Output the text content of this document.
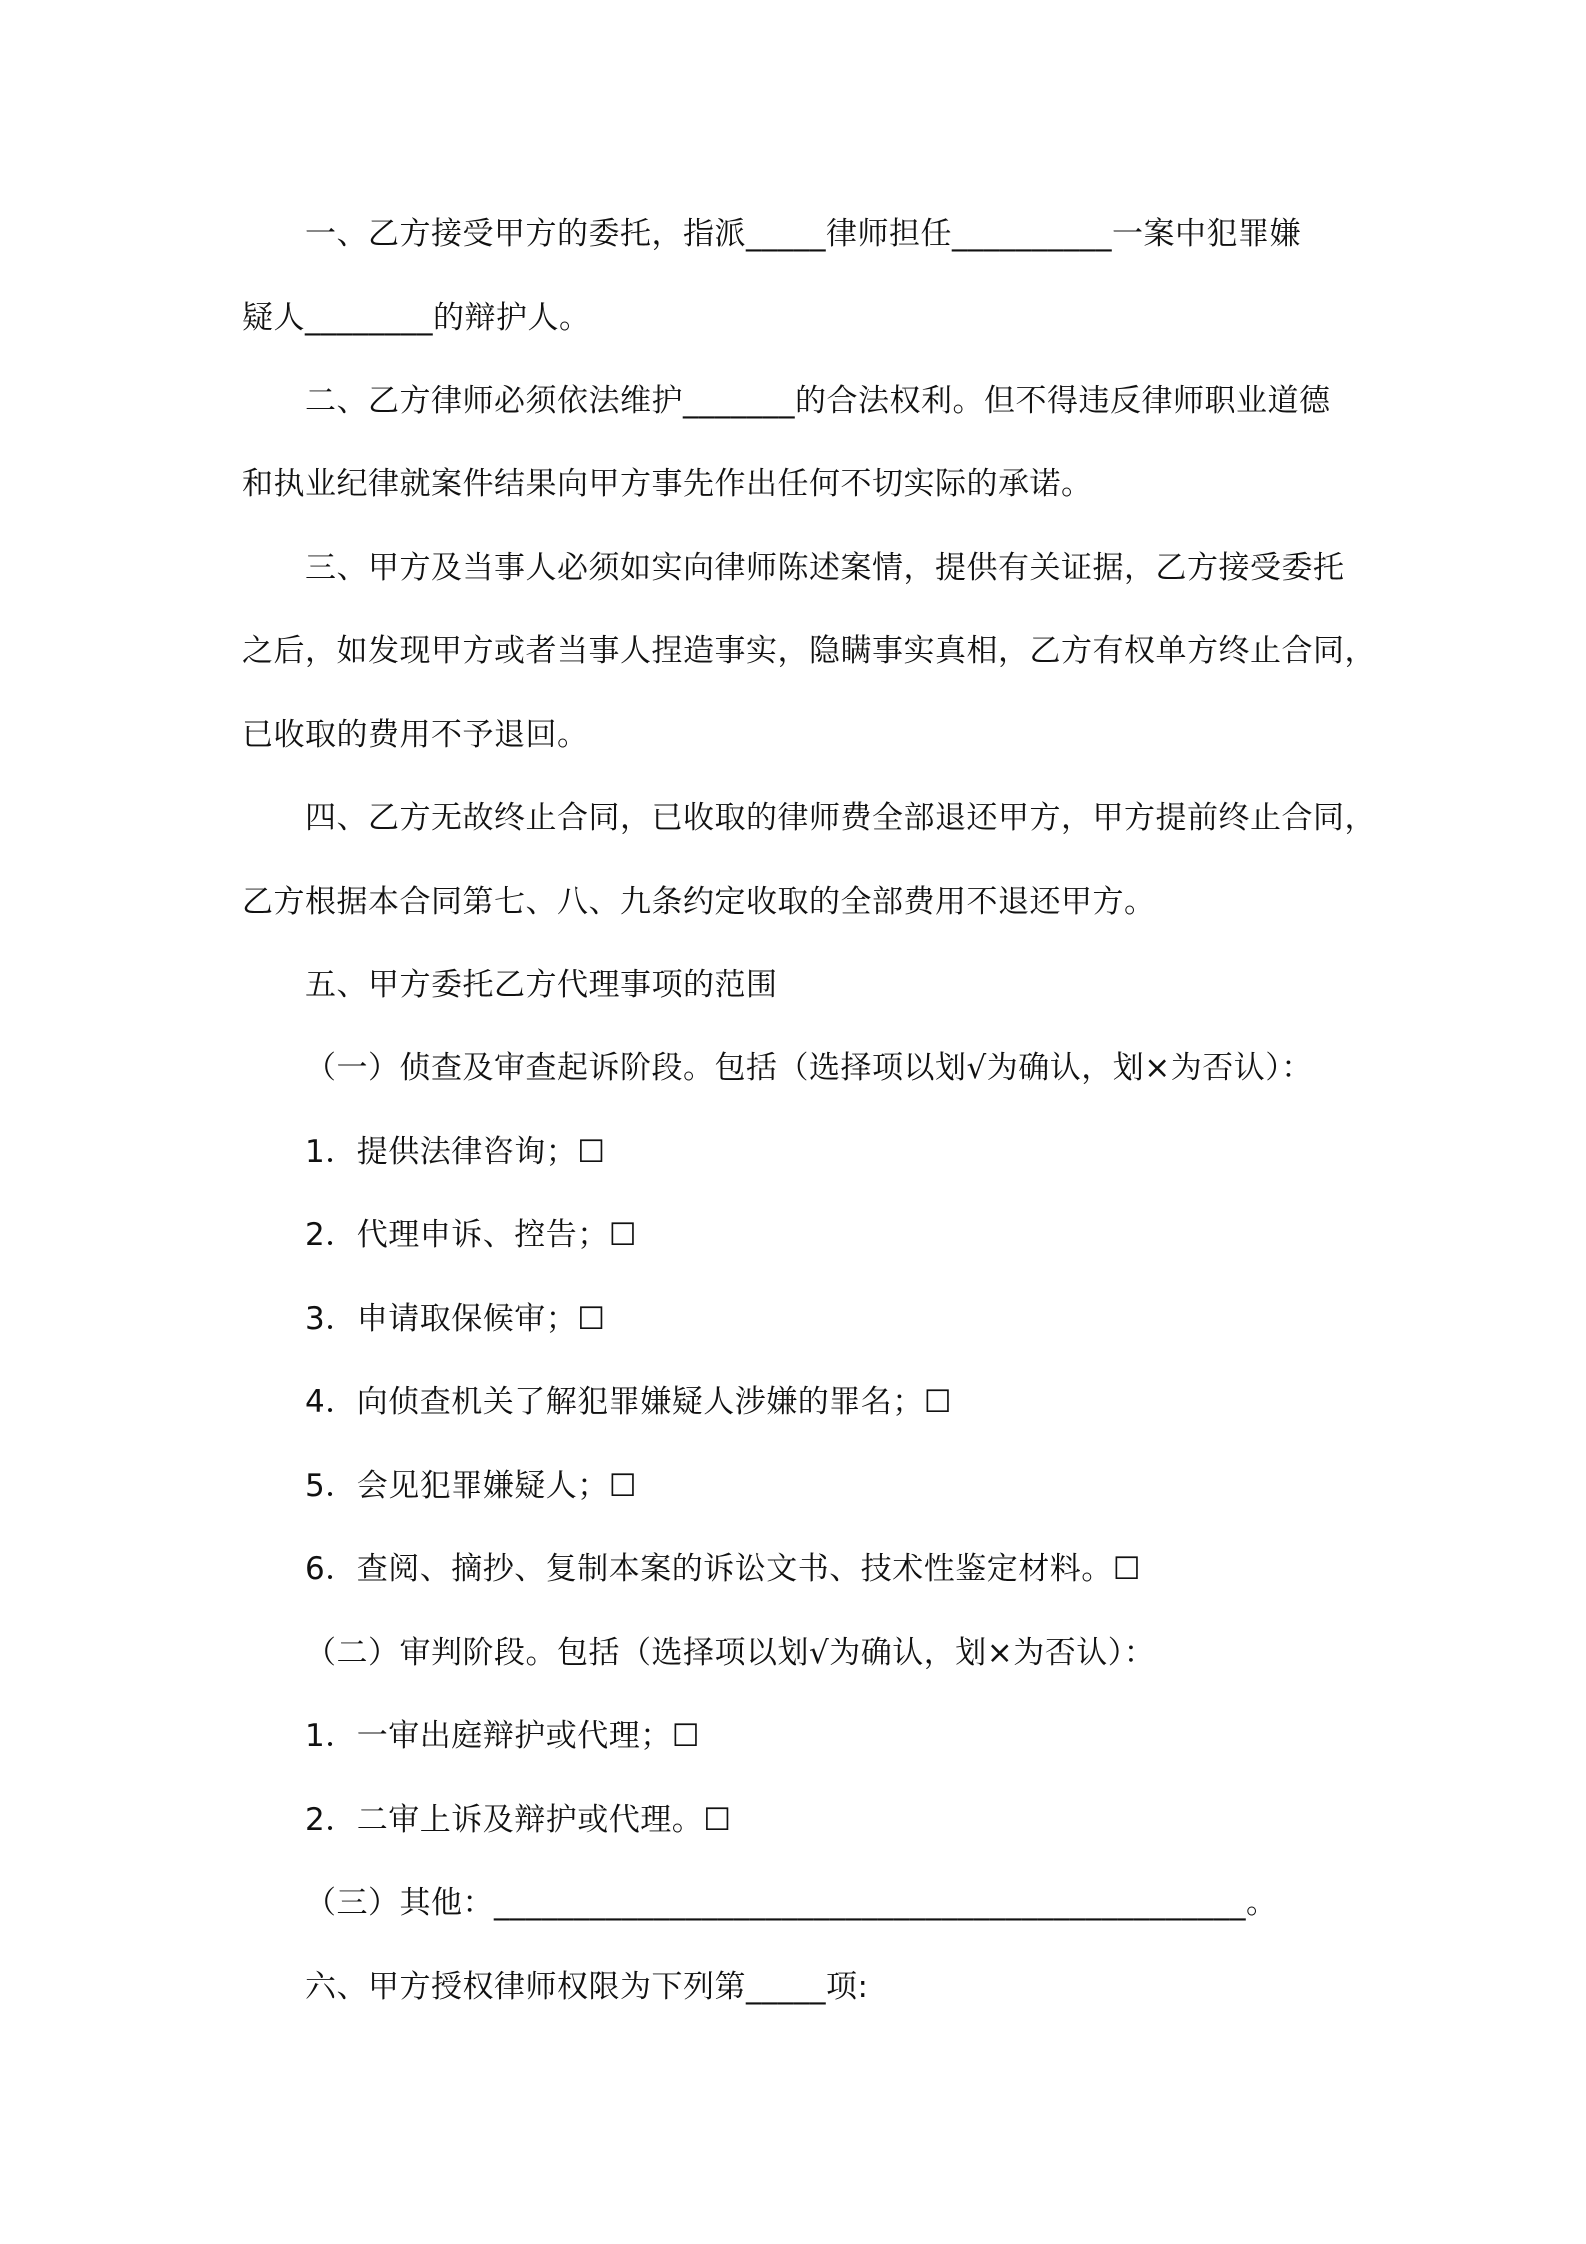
一、乙方接受甲方的委托，指派_____律师担任__________一案中犯罪嫌
疑人________的辩护人。
二、乙方律师必须依法维护_______的合法权利。但不得违反律师职业道德
和执业纪律就案件结果向甲方事先作出任何不切实际的承诺。
三、甲方及当事人必须如实向律师陈述案情，提供有关证据，乙方接受委托
之后，如发现甲方或者当事人捏造事实，隐瞒事实真相，乙方有权单方终止合同，
已收取的费用不予退回。
四、乙方无故终止合同，已收取的律师费全部退还甲方，甲方提前终止合同，
乙方根据本合同第七、八、九条约定收取的全部费用不退还甲方。
五、甲方委托乙方代理事项的范围
（一）侦查及审查起诉阶段。包括（选择项以划√为确认，划×为否认）：
1．提供法律咨询；☐
2．代理申诉、控告；☐
3．申请取保候审；☐
4．向侦查机关了解犯罪嫌疑人涉嫌的罪名；☐
5．会见犯罪嫌疑人；☐
6．查阅、摘抄、复制本案的诉讼文书、技术性鉴定材料。☐
（二）审判阶段。包括（选择项以划√为确认，划×为否认）：
1．一审出庭辩护或代理；☐
2．二审上诉及辩护或代理。☐
（三）其他：_______________________________________________。
六、甲方授权律师权限为下列第_____项:
